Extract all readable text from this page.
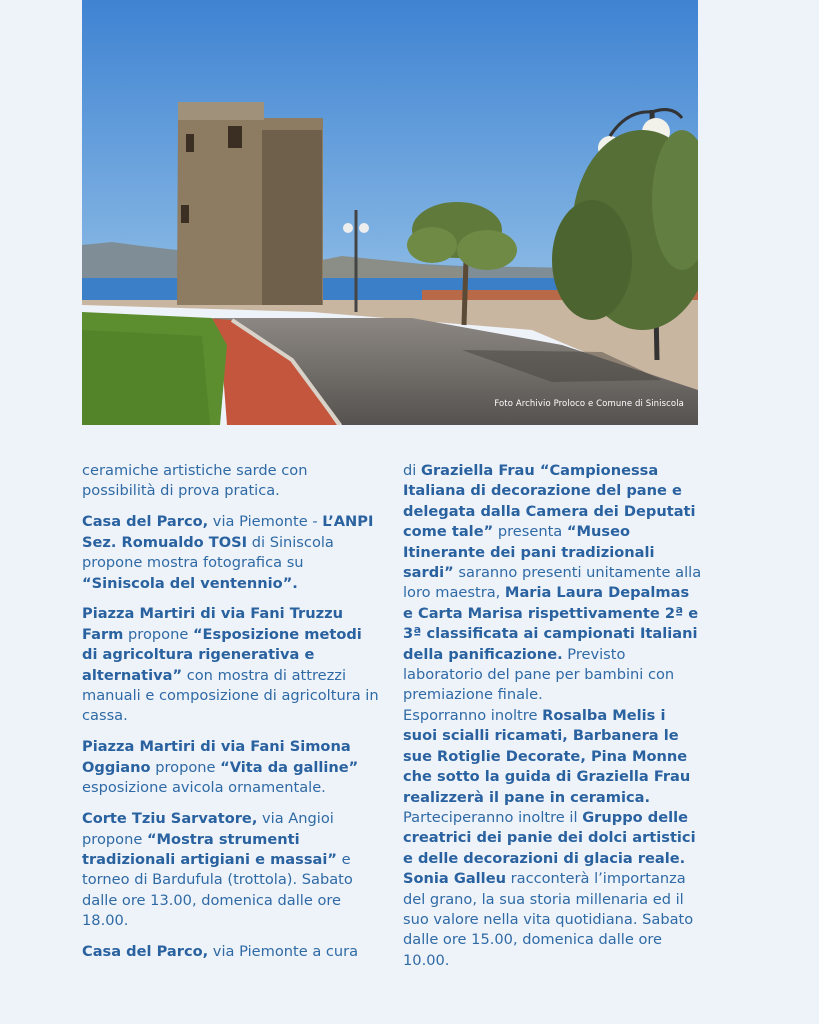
Foto Archivio Proloco e Comune di Siniscola

ceramiche artistiche sarde con possibilità di prova pratica.

Casa del Parco, via Piemonte - L’ANPI Sez. Romualdo TOSI di Siniscola propone mostra fotografica su “Siniscola del ventennio”.

Piazza Martiri di via Fani Truzzu Farm propone “Esposizione metodi di agricoltura rigenerativa e alternativa” con mostra di attrezzi manuali e composizione di agricoltura in cassa.

Piazza Martiri di via Fani Simona Oggiano propone “Vita da galline” esposizione avicola ornamentale.

Corte Tziu Sarvatore, via Angioi propone “Mostra strumenti tradizionali artigiani e massai” e torneo di Bardufula (trottola). Sabato dalle ore 13.00, domenica dalle ore 18.00.

Casa del Parco, via Piemonte a cura

di Graziella Frau “Campionessa Italiana di decorazione del pane e delegata dalla Camera dei Deputati come tale” presenta “Museo Itinerante dei pani tradizionali sardi” saranno presenti unitamente alla loro maestra, Maria Laura Depalmas e Carta Marisa rispettivamente 2ª e 3ª classificata ai campionati Italiani della panificazione. Previsto laboratorio del pane per bambini con premiazione finale.

Esporranno inoltre Rosalba Melis i suoi scialli ricamati, Barbanera le sue Rotiglie Decorate, Pina Monne che sotto la guida di Graziella Frau realizzerà il pane in ceramica. Parteciperanno inoltre il Gruppo delle creatrici dei panie dei dolci artistici e delle decorazioni di glacia reale. Sonia Galleu racconterà l’importanza del grano, la sua storia millenaria ed il suo valore nella vita quotidiana. Sabato dalle ore 15.00, domenica dalle ore 10.00.
